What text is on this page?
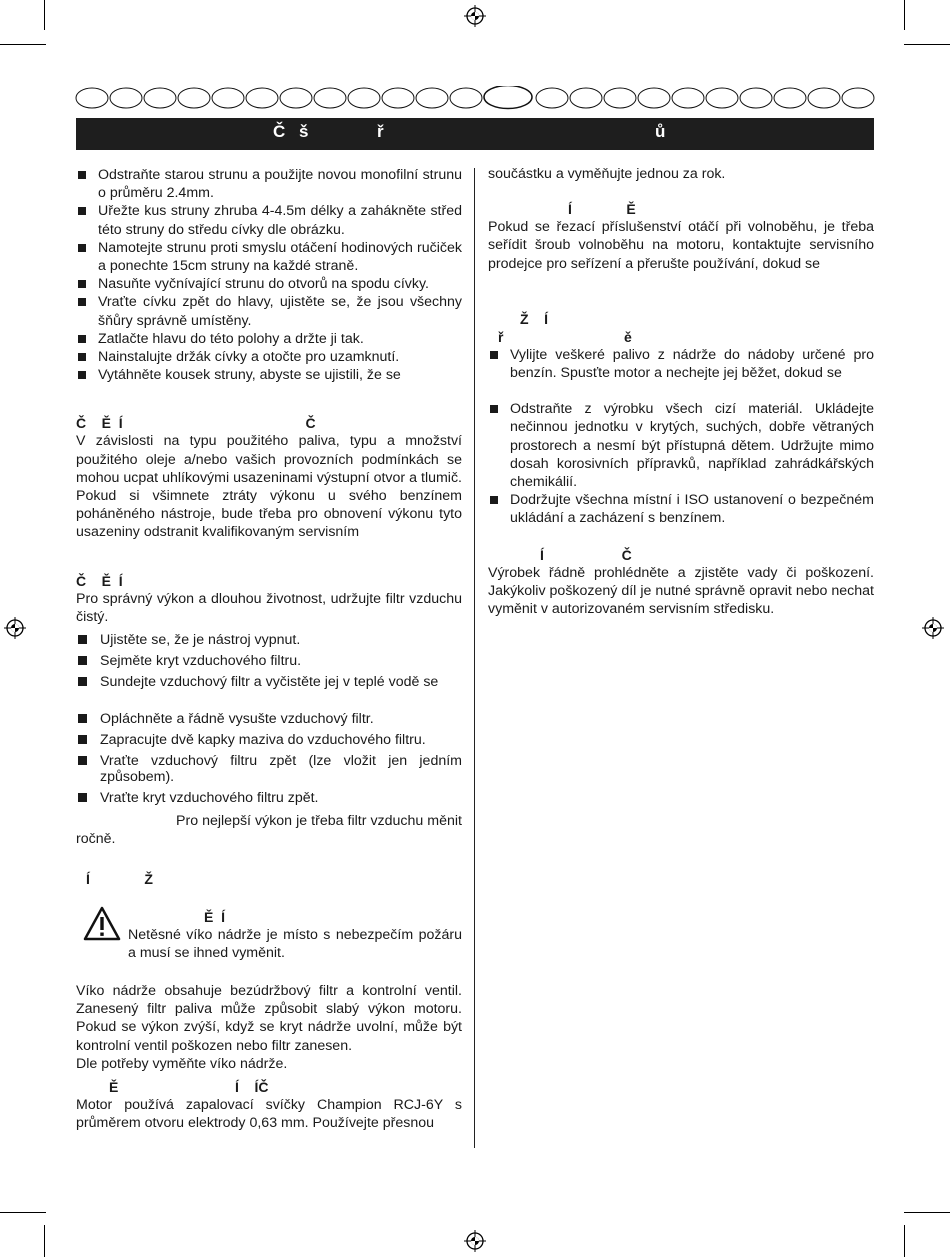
Č š	ř	ů
Odstraňte starou strunu a použijte novou monofilní strunu o průměru 2.4mm.
Uřežte kus struny zhruba 4-4.5m délky a zahákněte střed této struny do středu cívky dle obrázku.
Namotejte strunu proti smyslu otáčení hodinových ručiček a ponechte 15cm struny na každé straně.
Nasuňte vyčnívající strunu do otvorů na spodu cívky.
Vraťte cívku zpět do hlavy, ujistěte se, že jsou všechny šňůry správně umístěny.
Zatlačte hlavu do této polohy a držte ji tak.
Nainstalujte držák cívky a otočte pro uzamknutí.
Vytáhněte kousek struny, abyste se ujistili, že se
Č    Ě  Í                                               Č

V závislosti na typu použitého paliva, typu a množství použitého oleje a/nebo vašich provozních podmínkách se mohou ucpat uhlíkovými usazeninami výstupní otvor a tlumič. Pokud si všimnete ztráty výkonu u svého benzínem poháněného nástroje, bude třeba pro obnovení výkonu tyto usazeniny odstranit kvalifikovaným servisním

Č    Ě  Í

Pro správný výkon a dlouhou životnost, udržujte filtr vzduchu čistý.

Ujistěte se, že je nástroj vypnut.
Sejměte kryt vzduchového filtru.
Sundejte vzduchový filtr a vyčistěte jej v teplé vodě se
Opláchněte a řádně vysušte vzduchový filtr.
Zapracujte dvě kapky maziva do vzduchového filtru.
Vraťte vzduchový filtru zpět (lze vložit jen jedním způsobem).
Vraťte kryt vzduchového filtru zpět.

Pro nejlepší výkon je třeba filtr vzduchu měnit ročně.

Í              Ž
Ě  Í

Netěsné víko nádrže je místo s nebezpečím požáru a musí se ihned vyměnit.

Víko nádrže obsahuje bezúdržbový filtr a kontrolní ventil. Zanesený filtr paliva může způsobit slabý výkon motoru. Pokud se výkon zvýší, když se kryt nádrže uvolní, může být kontrolní ventil poškozen nebo filtr zanesen.

Dle potřeby vyměňte víko nádrže.

Ě                              Í    ÍČ

Motor používá zapalovací svíčky Champion RCJ-6Y s průměrem otvoru elektrody 0,63 mm. Používejte přesnou

součástku a vyměňujte jednou za rok.

Í              Ě

Pokud se řezací příslušenství otáčí při volnoběhu, je třeba seřídit šroub volnoběhu na motoru, kontaktujte servisního prodejce pro seřízení a přerušte používání, dokud se

Ž    Í
ř                               ě
Vylijte veškeré palivo z nádrže do nádoby určené pro benzín. Spusťte motor a nechejte jej běžet, dokud se
Odstraňte z výrobku všech cizí materiál. Ukládejte nečinnou jednotku v krytých, suchých, dobře větraných prostorech a nesmí být přístupná dětem. Udržujte mimo dosah korosivních přípravků, například zahrádkářských chemikálií.
Dodržujte všechna místní i ISO ustanovení o bezpečném ukládání a zacházení s benzínem.
Í                    Č

Výrobek řádně prohlédněte a zjistěte vady či poškození. Jakýkoliv poškozený díl je nutné správně opravit nebo nechat vyměnit v autorizovaném servisním středisku.
